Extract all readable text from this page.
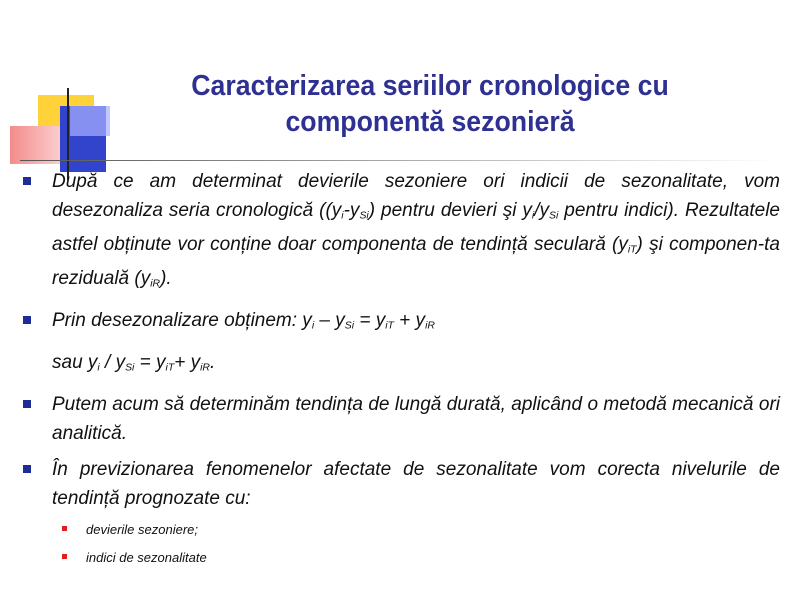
Caracterizarea seriilor cronologice cu
componentă sezonieră
După ce am determinat devierile sezoniere ori indicii de sezonalitate, vom desezonaliza seria cronologică ($(y_i-y_{Si})$ pentru devieri şi $y_i/y_{Si}$ pentru indici). Rezultatele astfel obținute vor conține doar componenta de tendință seculară $(y_{iT})$ şi componen-ta reziduală $(y_{iR})$.
Prin desezonalizare obținem: $y_i - y_{Si} = y_{iT} + y_{iR}$
sau $y_i / y_{Si} = y_{iT}+ y_{iR}$.
Putem acum să determinăm tendința de lungă durată, aplicând o metodă mecanică ori analitică.
În previzionarea fenomenelor afectate de sezonalitate vom corecta nivelurile de tendință prognozate cu:
devierile sezoniere;
indici de sezonalitate
